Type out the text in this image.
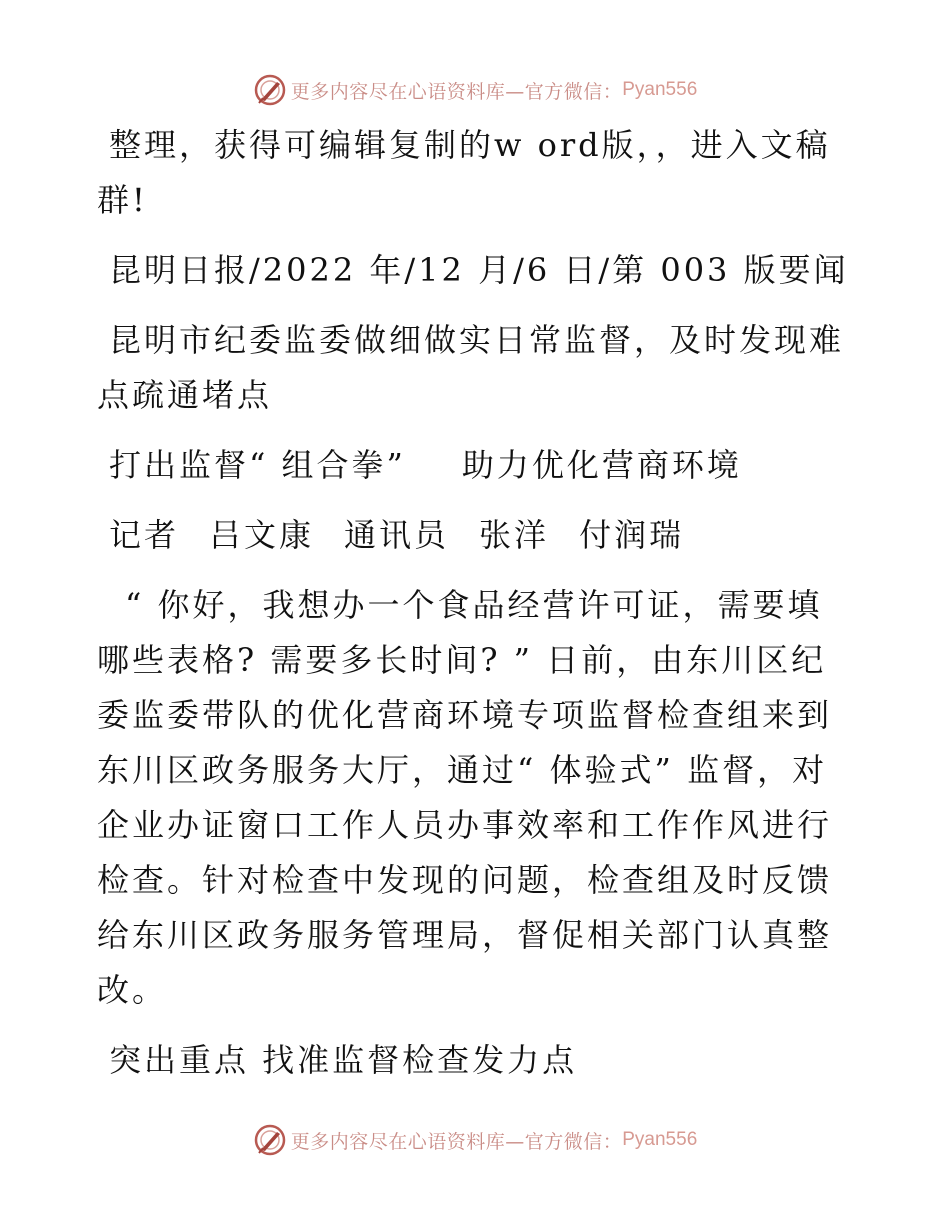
更多内容尽在心语资料库—官方微信： Pyan556

整理，获得可编辑复制的w ord版，，进入文稿群!

昆明日报/2022 年/12 月/6 日/第 003 版要闻

昆明市纪委监委做细做实日常监督，及时发现难点疏通堵点

打出监督“ 组合拳” 助力优化营商环境

记者 吕文康 通讯员 张洋 付润瑞

“ 你好，我想办一个食品经营许可证，需要填哪些表格? 需要多长时间? ” 日前，由东川区纪委监委带队的优化营商环境专项监督检查组来到东川区政务服务大厅，通过“ 体验式” 监督，对企业办证窗口工作人员办事效率和工作作风进行检查。针对检查中发现的问题，检查组及时反馈给东川区政务服务管理局，督促相关部门认真整改。

突出重点 找准监督检查发力点

更多内容尽在心语资料库—官方微信： Pyan556
